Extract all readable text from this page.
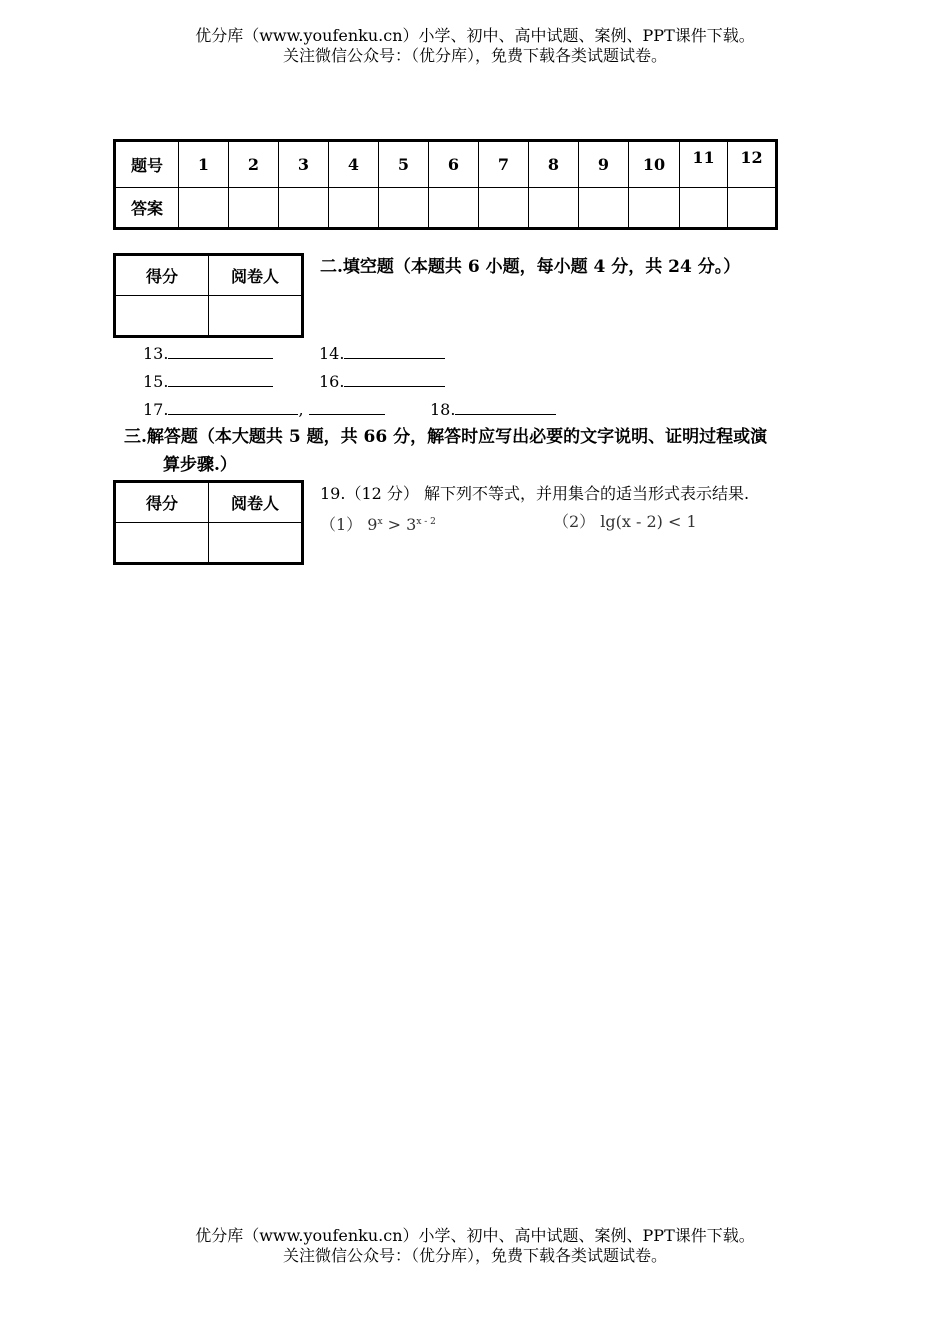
优分库（www.youfenku.cn）小学、初中、高中试题、案例、PPT课件下载。
关注微信公众号：（优分库），免费下载各类试题试卷。
题号	1	2	3	4	5	6	7	8	9	10	11	12
答案												
得分	阅卷人
	二.填空题（本题共 6 小题，每小题 4 分，共 24 分。）
13.	14.
15.	16.
17.	,	18.
三.解答题（本大题共 5 题，共 66 分，解答时应写出必要的文字说明、证明过程或演
算步骤.）
得分	阅卷人

19.（12 分） 解下列不等式，并用集合的适当形式表示结果.
（1） $9^x > 3^{x - 2}$	（2） lg(x - 2) < 1
优分库（www.youfenku.cn）小学、初中、高中试题、案例、PPT课件下载。
关注微信公众号：（优分库），免费下载各类试题试卷。
